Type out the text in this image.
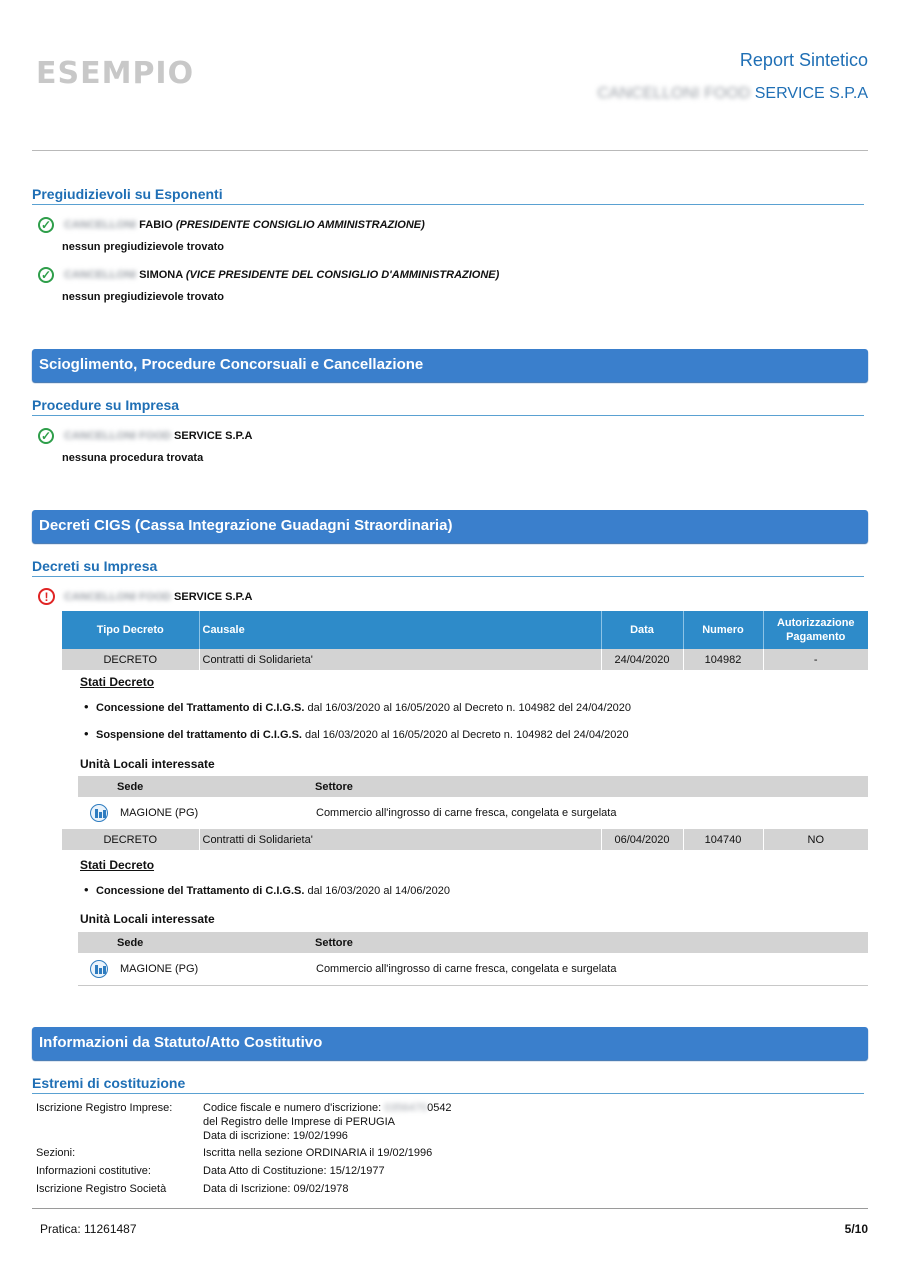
ESEMPIO	Report Sintetico
CANCELLONI FOOD SERVICE S.P.A
Pregiudizievoli su Esponenti
✓ CANCELLONI FABIO (PRESIDENTE CONSIGLIO AMMINISTRAZIONE)
nessun pregiudizievole trovato
✓ CANCELLONI SIMONA (VICE PRESIDENTE DEL CONSIGLIO D'AMMINISTRAZIONE)
nessun pregiudizievole trovato
Scioglimento, Procedure Concorsuali e Cancellazione
Procedure su Impresa
✓ CANCELLONI FOOD SERVICE S.P.A
nessuna procedura trovata
Decreti CIGS (Cassa Integrazione Guadagni Straordinaria)
Decreti su Impresa
!	CANCELLONI FOOD SERVICE S.P.A
Tipo Decreto	Causale	Data	Numero	Autorizzazione Pagamento
DECRETO	Contratti di Solidarieta'	24/04/2020	104982	-
Stati Decreto
• Concessione del Trattamento di C.I.G.S. dal 16/03/2020 al 16/05/2020 al Decreto n. 104982 del 24/04/2020
• Sospensione del trattamento di C.I.G.S. dal 16/03/2020 al 16/05/2020 al Decreto n. 104982 del 24/04/2020
Unità Locali interessate
	Sede	Settore

	MAGIONE (PG)	Commercio all'ingrosso di carne fresca, congelata e surgelata
DECRETO	Contratti di Solidarieta'	06/04/2020	104740	NO
Stati Decreto
• Concessione del Trattamento di C.I.G.S. dal 16/03/2020 al 14/06/2020
Unità Locali interessate
	Sede	Settore

	MAGIONE (PG)	Commercio all'ingrosso di carne fresca, congelata e surgelata
Informazioni da Statuto/Atto Costitutivo
Estremi di costituzione
Iscrizione Registro Imprese:	Codice fiscale e numero d'iscrizione: 03564700542
del Registro delle Imprese di PERUGIA
Data di iscrizione: 19/02/1996
Sezioni:	Iscritta nella sezione ORDINARIA il 19/02/1996
Informazioni costitutive:	Data Atto di Costituzione: 15/12/1977
Iscrizione Registro Società	Data di Iscrizione: 09/02/1978
Pratica: 11261487	5/10
